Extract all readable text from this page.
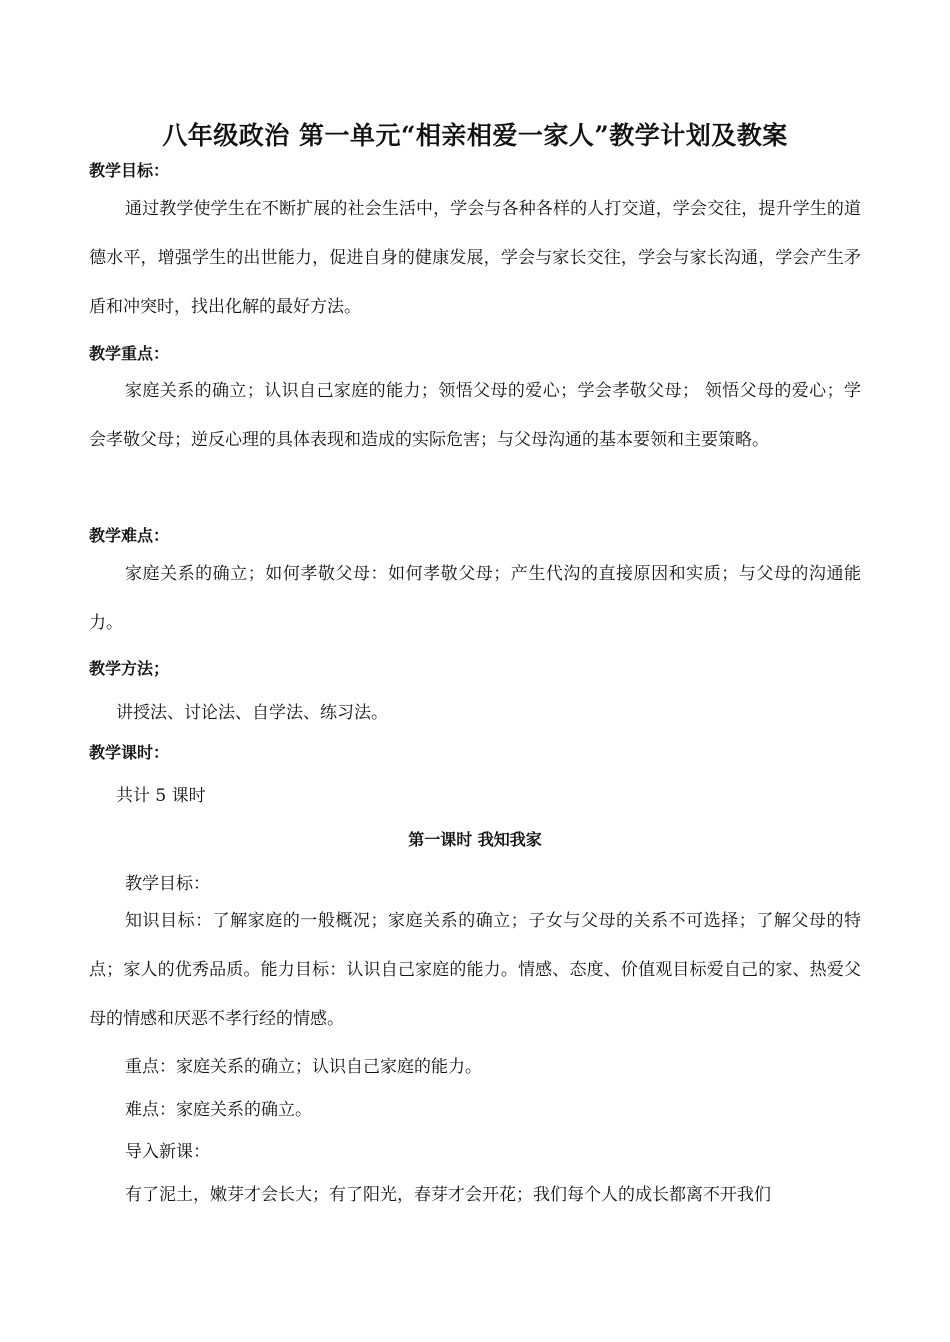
八年级政治 第一单元“相亲相爱一家人”教学计划及教案
教学目标：
通过教学使学生在不断扩展的社会生活中，学会与各种各样的人打交道，学会交往，提升学生的道德水平，增强学生的出世能力，促进自身的健康发展，学会与家长交往，学会与家长沟通，学会产生矛盾和冲突时，找出化解的最好方法。
教学重点：
家庭关系的确立；认识自己家庭的能力；领悟父母的爱心；学会孝敬父母； 领悟父母的爱心；学会孝敬父母；逆反心理的具体表现和造成的实际危害；与父母沟通的基本要领和主要策略。
教学难点：
家庭关系的确立；如何孝敬父母：如何孝敬父母；产生代沟的直接原因和实质；与父母的沟通能力。
教学方法；
讲授法、讨论法、自学法、练习法。
教学课时：
共计 5 课时
第一课时 我知我家
教学目标：
知识目标：了解家庭的一般概况；家庭关系的确立；子女与父母的关系不可选择；了解父母的特点；家人的优秀品质。能力目标：认识自己家庭的能力。情感、态度、价值观目标爱自己的家、热爱父母的情感和厌恶不孝行经的情感。
重点：家庭关系的确立；认识自己家庭的能力。
难点：家庭关系的确立。
导入新课：
有了泥土，嫩芽才会长大；有了阳光，春芽才会开花；我们每个人的成长都离不开我们
